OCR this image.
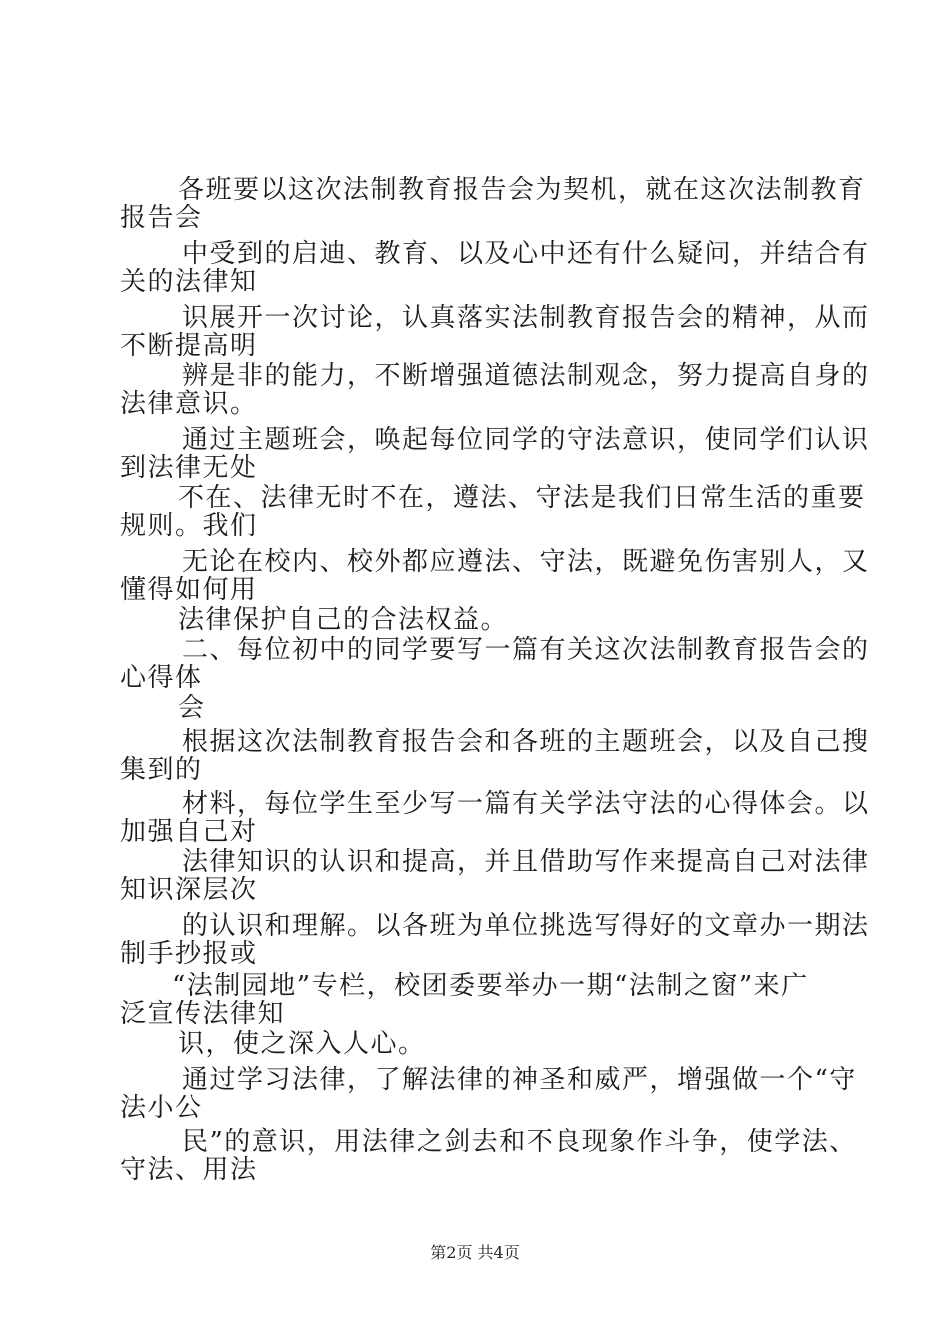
各班要以这次法制教育报告会为契机，就在这次法制教育
报告会
中受到的启迪、教育、以及心中还有什么疑问，并结合有
关的法律知
识展开一次讨论，认真落实法制教育报告会的精神，从而
不断提高明
辨是非的能力，不断增强道德法制观念，努力提高自身的
法律意识。
通过主题班会，唤起每位同学的守法意识，使同学们认识
到法律无处
不在、法律无时不在，遵法、守法是我们日常生活的重要
规则。我们
无论在校内、校外都应遵法、守法，既避免伤害别人，又
懂得如何用
法律保护自己的合法权益。
二、每位初中的同学要写一篇有关这次法制教育报告会的
心得体
会
根据这次法制教育报告会和各班的主题班会，以及自己搜
集到的
材料，每位学生至少写一篇有关学法守法的心得体会。以
加强自己对
法律知识的认识和提高，并且借助写作来提高自己对法律
知识深层次
的认识和理解。以各班为单位挑选写得好的文章办一期法
制手抄报或
“法制园地”专栏，校团委要举办一期“法制之窗”来广
泛宣传法律知
识，使之深入人心。
通过学习法律，了解法律的神圣和威严，增强做一个“守
法小公
民”的意识，用法律之剑去和不良现象作斗争，使学法、
守法、用法
第2页 共4页
